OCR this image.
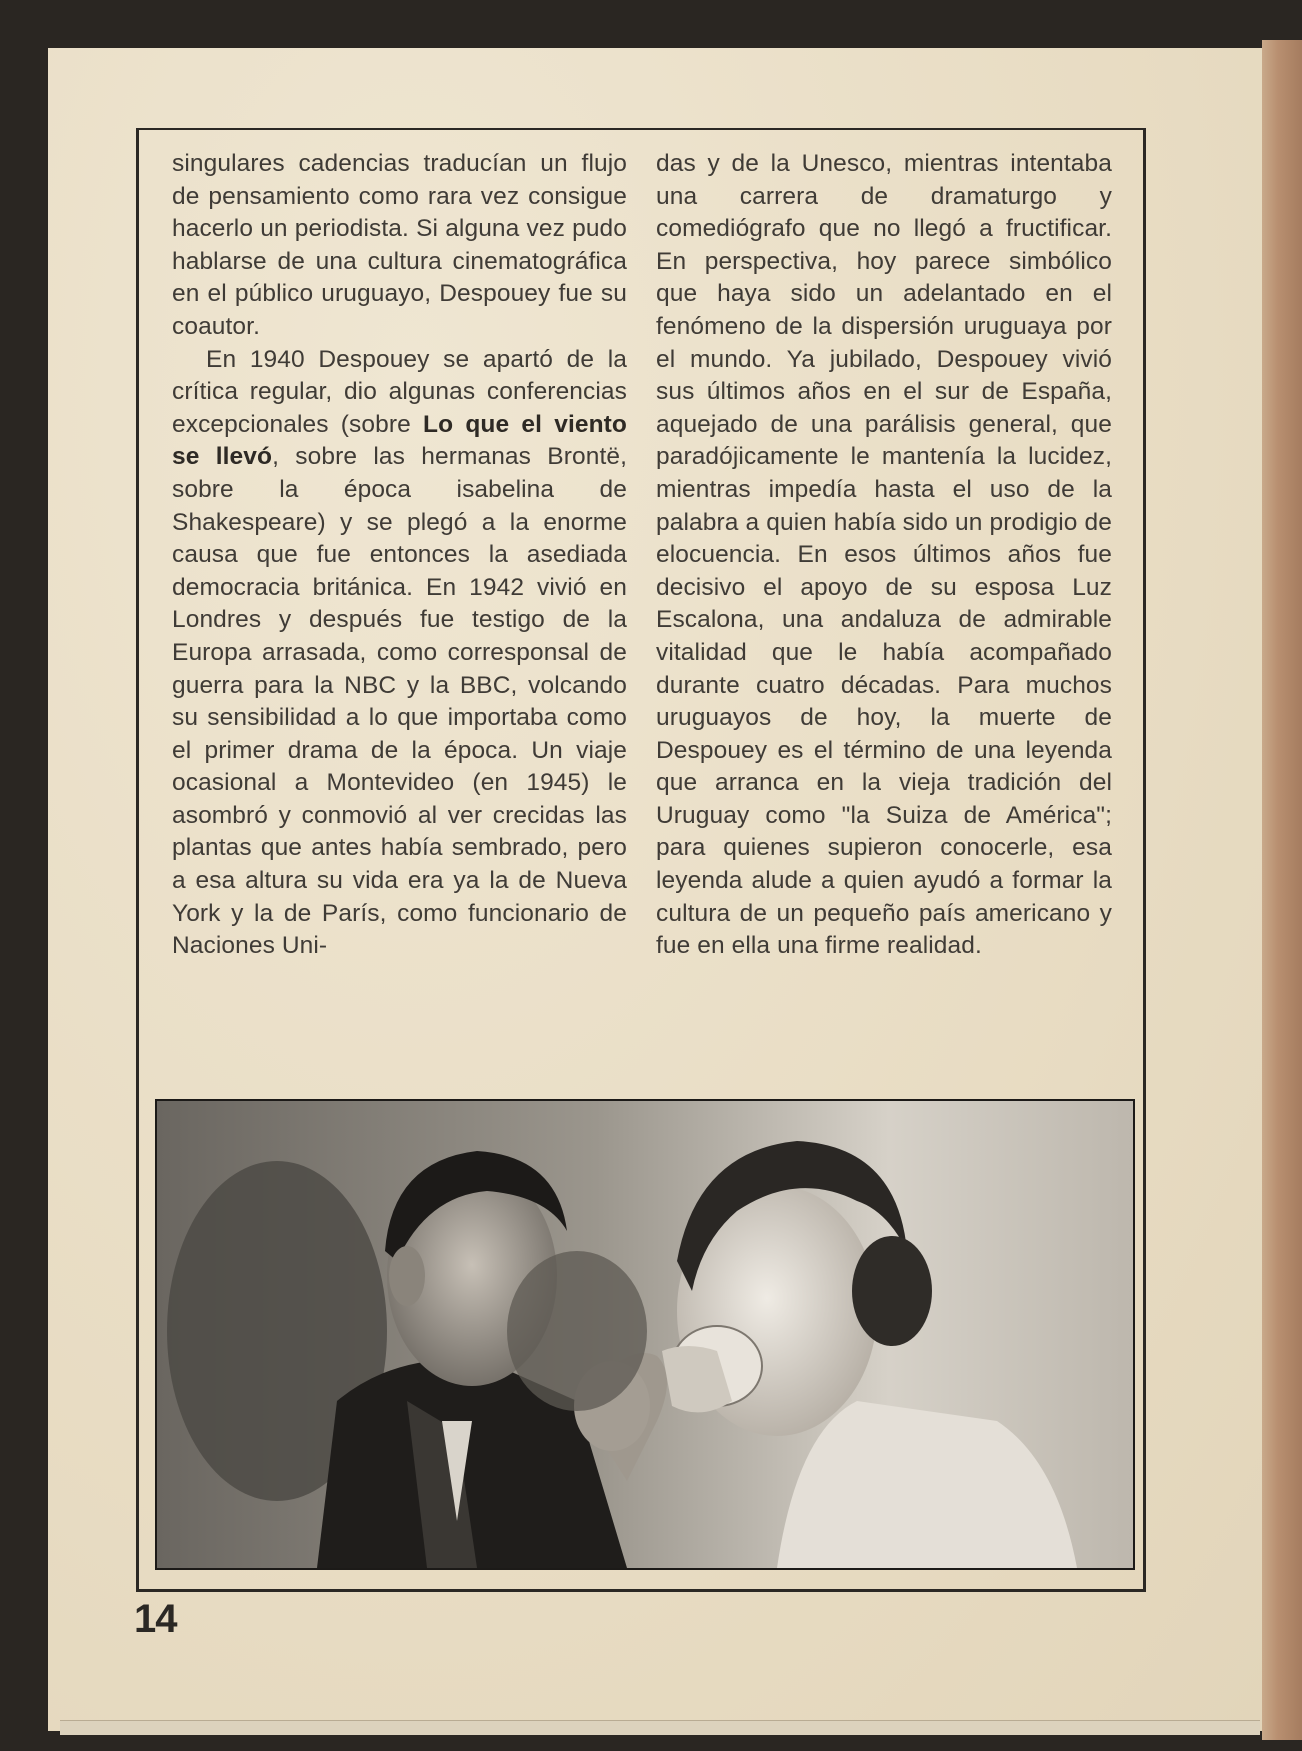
singulares cadencias traducían un flujo de pensamiento como rara vez consigue hacerlo un periodista. Si alguna vez pudo hablarse de una cultura cinematográfica en el público uruguayo, Despouey fue su coautor.

En 1940 Despouey se apartó de la crítica regular, dio algunas conferencias excepcionales (sobre Lo que el viento se llevó, sobre las hermanas Brontë, sobre la época isabelina de Shakespeare) y se plegó a la enorme causa que fue entonces la asediada democracia británica. En 1942 vivió en Londres y después fue testigo de la Europa arrasada, como corresponsal de guerra para la NBC y la BBC, volcando su sensibilidad a lo que importaba como el primer drama de la época. Un viaje ocasional a Montevideo (en 1945) le asombró y conmovió al ver crecidas las plantas que antes había sembrado, pero a esa altura su vida era ya la de Nueva York y la de París, como funcionario de Naciones Uni-

das y de la Unesco, mientras intentaba una carrera de dramaturgo y comediógrafo que no llegó a fructificar. En perspectiva, hoy parece simbólico que haya sido un adelantado en el fenómeno de la dispersión uruguaya por el mundo. Ya jubilado, Despouey vivió sus últimos años en el sur de España, aquejado de una parálisis general, que paradójicamente le mantenía la lucidez, mientras impedía hasta el uso de la palabra a quien había sido un prodigio de elocuencia. En esos últimos años fue decisivo el apoyo de su esposa Luz Escalona, una andaluza de admirable vitalidad que le había acompañado durante cuatro décadas. Para muchos uruguayos de hoy, la muerte de Despouey es el término de una leyenda que arranca en la vieja tradición del Uruguay como "la Suiza de América"; para quienes supieron conocerle, esa leyenda alude a quien ayudó a formar la cultura de un pequeño país americano y fue en ella una firme realidad.

14
